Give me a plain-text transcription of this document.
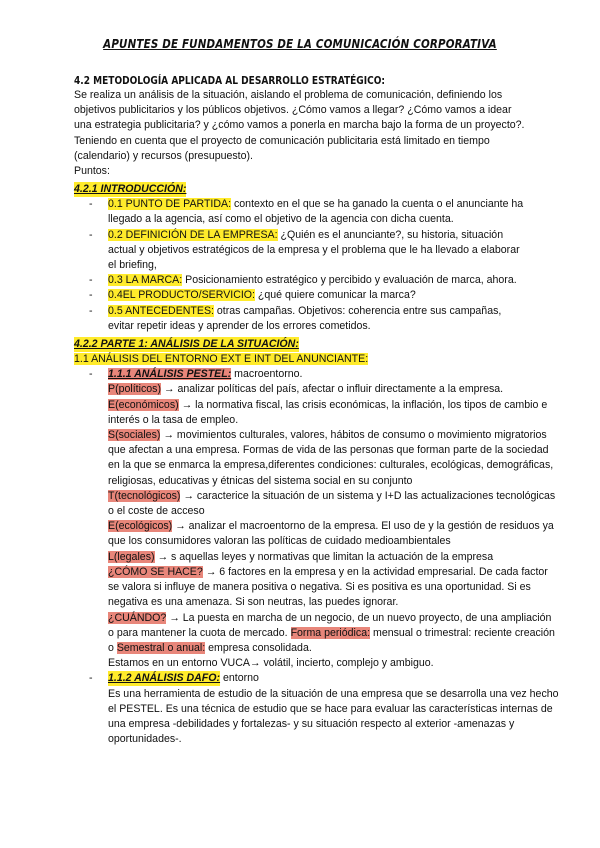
APUNTES DE FUNDAMENTOS DE LA COMUNICACIÓN CORPORATIVA
4.2 METODOLOGÍA APLICADA AL DESARROLLO ESTRATÉGICO:
Se realiza un análisis de la situación, aislando el problema de comunicación, definiendo los objetivos publicitarios y los públicos objetivos. ¿Cómo vamos a llegar? ¿Cómo vamos a idear una estrategia publicitaria? y ¿cómo vamos a ponerla en marcha bajo la forma de un proyecto?. Teniendo en cuenta que el proyecto de comunicación publicitaria está limitado en tiempo (calendario) y recursos (presupuesto).
Puntos:
4.2.1 INTRODUCCIÓN:
- 0.1 PUNTO DE PARTIDA: contexto en el que se ha ganado la cuenta o el anunciante ha llegado a la agencia, así como el objetivo de la agencia con dicha cuenta.
- 0.2 DEFINICIÓN DE LA EMPRESA: ¿Quién es el anunciante?, su historia, situación actual y objetivos estratégicos de la empresa y el problema que le ha llevado a elaborar el briefing,
- 0.3 LA MARCA: Posicionamiento estratégico y percibido y evaluación de marca, ahora.
- 0.4EL PRODUCTO/SERVICIO: ¿qué quiere comunicar la marca?
- 0.5 ANTECEDENTES: otras campañas. Objetivos: coherencia entre sus campañas, evitar repetir ideas y aprender de los errores cometidos.
4.2.2 PARTE 1: ANÁLISIS DE LA SITUACIÓN:
1.1 ANÁLISIS DEL ENTORNO EXT E INT DEL ANUNCIANTE:
- 1.1.1 ANÁLISIS PESTEL: macroentorno.
P(políticos) → analizar políticas del país, afectar o influir directamente a la empresa.
E(económicos) → la normativa fiscal, las crisis económicas, la inflación, los tipos de cambio e interés o la tasa de empleo.
S(sociales) → movimientos culturales, valores, hábitos de consumo o movimiento migratorios que afectan a una empresa. Formas de vida de las personas que forman parte de la sociedad en la que se enmarca la empresa,diferentes condiciones: culturales, ecológicas, demográficas, religiosas, educativas y étnicas del sistema social en su conjunto
T(tecnológicos) → caracterice la situación de un sistema y I+D las actualizaciones tecnológicas o el coste de acceso
E(ecológicos) → analizar el macroentorno de la empresa. El uso de y la gestión de residuos ya que los consumidores valoran las políticas de cuidado medioambientales
L(legales) → s aquellas leyes y normativas que limitan la actuación de la empresa
¿CÓMO SE HACE? → 6 factores en la empresa y en la actividad empresarial. De cada factor se valora si influye de manera positiva o negativa. Si es positiva es una oportunidad. Si es negativa es una amenaza. Si son neutras, las puedes ignorar.
¿CUÁNDO? → La puesta en marcha de un negocio, de un nuevo proyecto, de una ampliación o para mantener la cuota de mercado. Forma periódica: mensual o trimestral: reciente creación o Semestral o anual: empresa consolidada.
Estamos en un entorno VUCA→ volátil, incierto, complejo y ambiguo.
- 1.1.2 ANÁLISIS DAFO: entorno
Es una herramienta de estudio de la situación de una empresa que se desarrolla una vez hecho el PESTEL. Es una técnica de estudio que se hace para evaluar las características internas de una empresa -debilidades y fortalezas- y su situación respecto al exterior -amenazas y oportunidades-.
